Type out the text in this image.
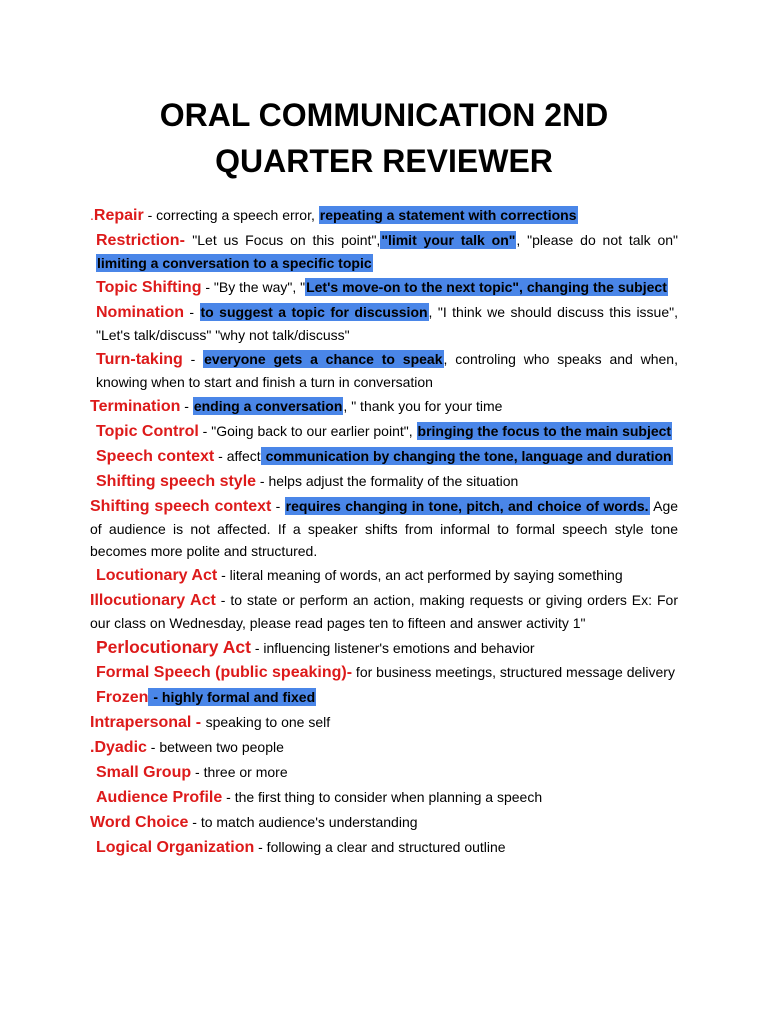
ORAL COMMUNICATION 2ND
QUARTER REVIEWER
.Repair - correcting a speech error, repeating a statement with corrections
Restriction- "Let us Focus on this point","limit your talk on", "please do not talk on" limiting a conversation to a specific topic
Topic Shifting - "By the way", "Let's move-on to the next topic", changing the subject
Nomination - to suggest a topic for discussion, "I think we should discuss this issue", "Let's talk/discuss" "why not talk/discuss"
Turn-taking - everyone gets a chance to speak, controling who speaks and when, knowing when to start and finish a turn in conversation
Termination - ending a conversation, " thank you for your time
Topic Control - "Going back to our earlier point", bringing the focus to the main subject
Speech context - affect communication by changing the tone, language and duration
Shifting speech style - helps adjust the formality of the situation
Shifting speech context - requires changing in tone, pitch, and choice of words. Age of audience is not affected. If a speaker shifts from informal to formal speech style tone becomes more polite and structured.
Locutionary Act - literal meaning of words, an act performed by saying something
Illocutionary Act - to state or perform an action, making requests or giving orders Ex: For our class on Wednesday, please read pages ten to fifteen and answer activity 1"
Perlocutionary Act - influencing listener's emotions and behavior
Formal Speech (public speaking)- for business meetings, structured message delivery
Frozen - highly formal and fixed
Intrapersonal - speaking to one self
.Dyadic - between two people
Small Group - three or more
Audience Profile - the first thing to consider when planning a speech
Word Choice - to match audience's understanding
Logical Organization - following a clear and structured outline
